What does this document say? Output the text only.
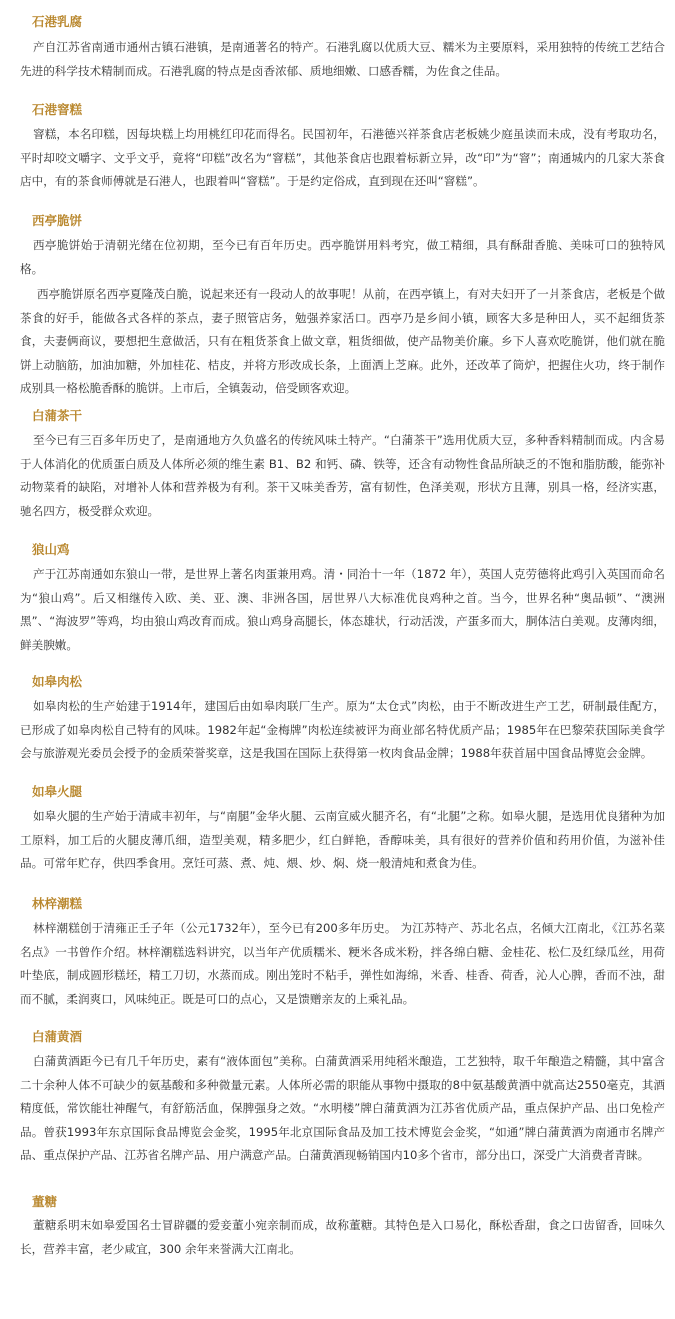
石港乳腐

产自江苏省南通市通州古镇石港镇，是南通著名的特产。石港乳腐以优质大豆、糯米为主要原料，采用独特的传统工艺结合先进的科学技术精制而成。石港乳腐的特点是卤香浓郁、质地细嫩、口感香糯，为佐食之佳品。

石港窨糕

窨糕，本名印糕，因每块糕上均用桃红印花而得名。民国初年，石港德兴祥茶食店老板姚少庭虽读而未成，没有考取功名，平时却咬文嚼字、文乎文乎，竟将“印糕”改名为“窨糕”，其他茶食店也跟着标新立异，改“印”为“窨”；南通城内的几家大茶食店中，有的茶食师傅就是石港人，也跟着叫“窨糕”。于是约定俗成，直到现在还叫“窨糕”。

西亭脆饼

西亭脆饼始于清朝光绪在位初期，至今已有百年历史。西亭脆饼用料考究，做工精细，具有酥甜香脆、美味可口的独特风格。

西亭脆饼原名西亭夏隆茂白脆，说起来还有一段动人的故事呢！从前，在西亭镇上，有对夫妇开了一爿茶食店，老板是个做茶食的好手，能做各式各样的茶点，妻子照管店务，勉强养家活口。西亭乃是乡间小镇，顾客大多是种田人，买不起细货茶食，夫妻俩商议，要想把生意做活，只有在粗货茶食上做文章，粗货细做，使产品物美价廉。乡下人喜欢吃脆饼，他们就在脆饼上动脑筋，加油加糖，外加桂花、桔皮，并将方形改成长条，上面洒上芝麻。此外，还改革了筒炉，把握住火功，终于制作成别具一格松脆香酥的脆饼。上市后，全镇轰动，倍受顾客欢迎。

白蒲茶干

至今已有三百多年历史了，是南通地方久负盛名的传统风味土特产。“白蒲茶干”选用优质大豆，多种香料精制而成。内含易于人体消化的优质蛋白质及人体所必须的维生素 B1、B2 和钙、磷、铁等，还含有动物性食品所缺乏的不饱和脂肪酸，能弥补动物菜肴的缺陷，对增补人体和营养极为有利。茶干又味美香芳，富有韧性，色泽美观，形状方且薄，别具一格，经济实惠，驰名四方，极受群众欢迎。

狼山鸡

产于江苏南通如东狼山一带，是世界上著名肉蛋兼用鸡。清・同治十一年（1872 年），英国人克劳德将此鸡引入英国而命名为“狼山鸡”。后又相继传入欧、美、亚、澳、非洲各国，居世界八大标准优良鸡种之首。当今，世界名种“奥品顿”、“澳洲黑”、“海波罗”等鸡，均由狼山鸡改育而成。狼山鸡身高腿长，体态雄状，行动活泼，产蛋多而大，胴体洁白美观。皮薄肉细，鲜美腴嫩。

如皋肉松

如皋肉松的生产始建于1914年，建国后由如皋肉联厂生产。原为“太仓式”肉松，由于不断改进生产工艺，研制最佳配方，已形成了如皋肉松自己特有的风味。1982年起“金梅牌”肉松连续被评为商业部名特优质产品；1985年在巴黎荣获国际美食学会与旅游观光委员会授予的金质荣誉奖章，这是我国在国际上获得第一枚肉食品金牌；1988年获首届中国食品博览会金牌。

如皋火腿

如皋火腿的生产始于清咸丰初年，与“南腿”金华火腿、云南宣威火腿齐名，有“北腿”之称。如皋火腿，是选用优良猪种为加工原料，加工后的火腿皮薄爪细，造型美观，精多肥少，红白鲜艳，香醇味美，具有很好的营养价值和药用价值，为滋补佳品。可常年贮存，供四季食用。烹饪可蒸、煮、炖、煨、炒、焖、烧一般清炖和煮食为佳。

林梓潮糕

林梓潮糕创于清雍正壬子年（公元1732年），至今已有200多年历史。 为江苏特产、苏北名点，名倾大江南北，《江苏名菜名点》一书曾作介绍。林梓潮糕选料讲究，以当年产优质糯米、粳米各成米粉，拌各绵白糖、金桂花、松仁及红绿瓜丝，用荷叶垫底，制成圆形糕坯，精工刀切，水蒸而成。刚出笼时不粘手，弹性如海绵，米香、桂香、荷香，沁人心脾，香而不浊，甜而不腻，柔润爽口，风味纯正。既是可口的点心，又是馈赠亲友的上乘礼品。

白蒲黄酒

白蒲黄酒距今已有几千年历史，素有“液体面包”美称。白蒲黄酒采用纯稻米酿造，工艺独特，取千年酿造之精髓，其中富含二十余种人体不可缺少的氨基酸和多种微量元素。人体所必需的职能从事物中摄取的8中氨基酸黄酒中就高达2550毫克，其酒精度低，常饮能壮神醒气，有舒筋活血，保脾强身之效。“水明楼”牌白蒲黄酒为江苏省优质产品，重点保护产品、出口免检产品。曾获1993年东京国际食品博览会金奖，1995年北京国际食品及加工技术博览会金奖，“如通”牌白蒲黄酒为南通市名牌产品、重点保护产品、江苏省名牌产品、用户满意产品。白蒲黄酒现畅销国内10多个省市，部分出口，深受广大消费者青睐。

董糖

董糖系明末如皋爱国名士冒辟疆的爱妾董小宛亲制而成，故称董糖。其特色是入口易化，酥松香甜，食之口齿留香，回味久长，营养丰富，老少咸宜，300 余年来誉满大江南北。
